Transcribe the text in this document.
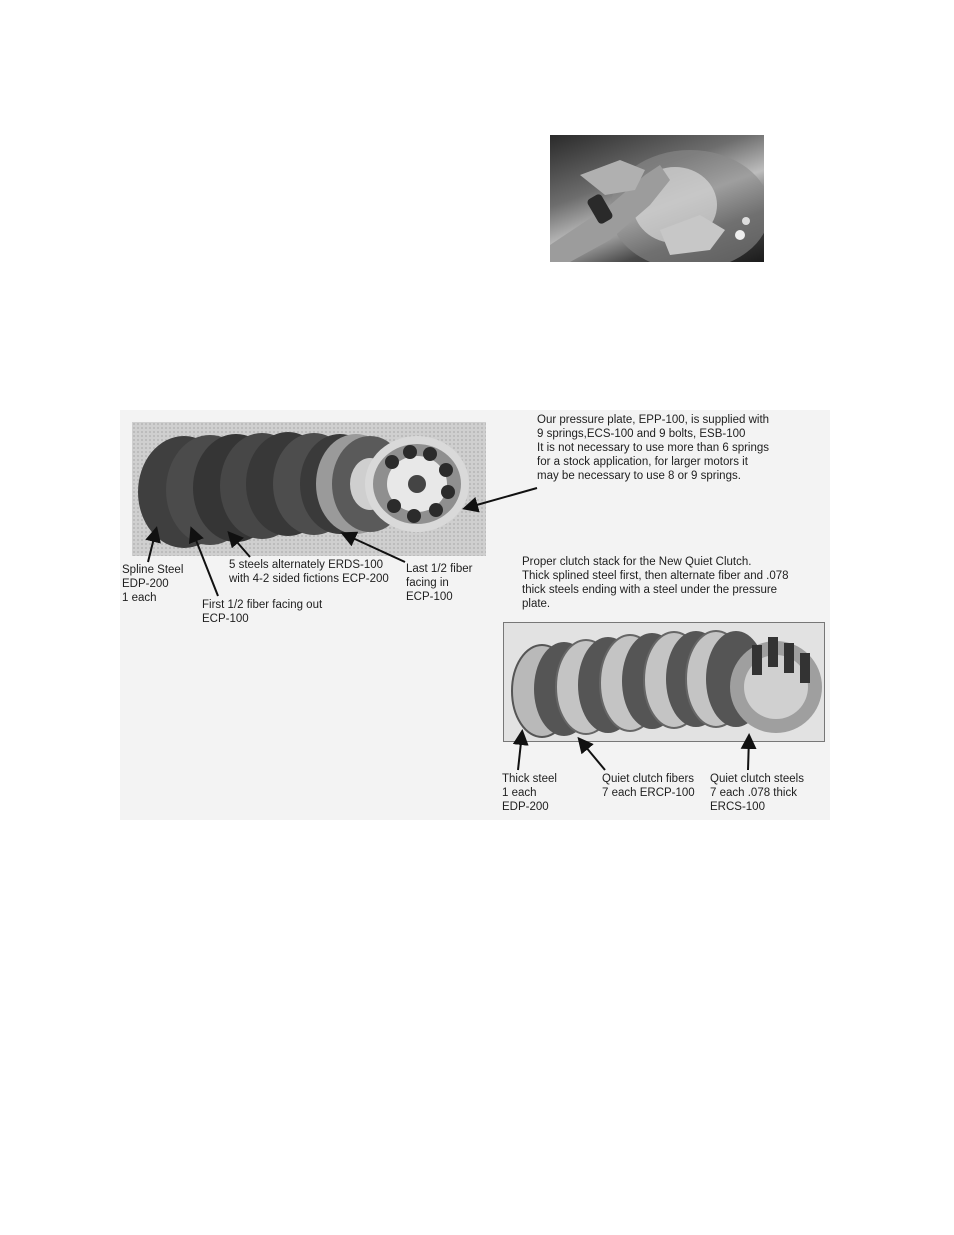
Our pressure plate, EPP-100, is supplied with
9 springs,ECS-100 and 9 bolts, ESB-100
It is not necessary to use more than 6 springs
for a stock application, for larger motors it
may be necessary to use 8 or 9 springs.
Spline Steel
EDP-200
1 each
First 1/2 fiber facing out
ECP-100
5 steels alternately ERDS-100
with 4-2 sided fictions ECP-200
Last 1/2 fiber
facing in
ECP-100
Proper clutch stack for the New Quiet Clutch.
Thick splined steel first, then alternate fiber and .078
thick steels ending with a steel under the pressure
plate.
Thick steel
1 each
EDP-200
Quiet clutch fibers
7 each ERCP-100
Quiet clutch steels
7 each .078 thick
ERCS-100
